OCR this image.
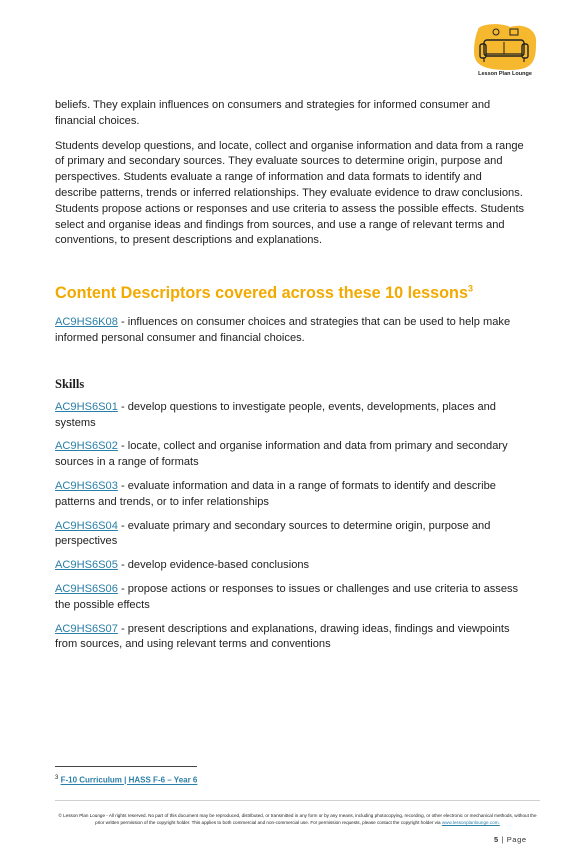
Lesson Plan Lounge

beliefs. They explain influences on consumers and strategies for informed consumer and financial choices.

Students develop questions, and locate, collect and organise information and data from a range of primary and secondary sources. They evaluate sources to determine origin, purpose and perspectives. Students evaluate a range of information and data formats to identify and describe patterns, trends or inferred relationships. They evaluate evidence to draw conclusions. Students propose actions or responses and use criteria to assess the possible effects. Students select and organise ideas and findings from sources, and use a range of relevant terms and conventions, to present descriptions and explanations.

Content Descriptors covered across these 10 lessons$^3$
AC9HS6K08 - influences on consumer choices and strategies that can be used to help make informed personal consumer and financial choices.
Skills
AC9HS6S01 - develop questions to investigate people, events, developments, places and systems
AC9HS6S02 - locate, collect and organise information and data from primary and secondary sources in a range of formats
AC9HS6S03 - evaluate information and data in a range of formats to identify and describe patterns and trends, or to infer relationships
AC9HS6S04 - evaluate primary and secondary sources to determine origin, purpose and perspectives
AC9HS6S05 - develop evidence-based conclusions
AC9HS6S06 - propose actions or responses to issues or challenges and use criteria to assess the possible effects
AC9HS6S07 - present descriptions and explanations, drawing ideas, findings and viewpoints from sources, and using relevant terms and conventions
$^3$ F-10 Curriculum | HASS F-6 – Year 6
© Lesson Plan Lounge - All rights reserved. No part of this document may be reproduced, distributed, or transmitted in any form or by any means, including photocopying, recording, or other electronic or mechanical methods, without the prior written permission of the copyright holder. This applies to both commercial and non-commercial use. For permission requests, please contact the copyright holder via www.lessonplanlounge.com.
5 | Page
